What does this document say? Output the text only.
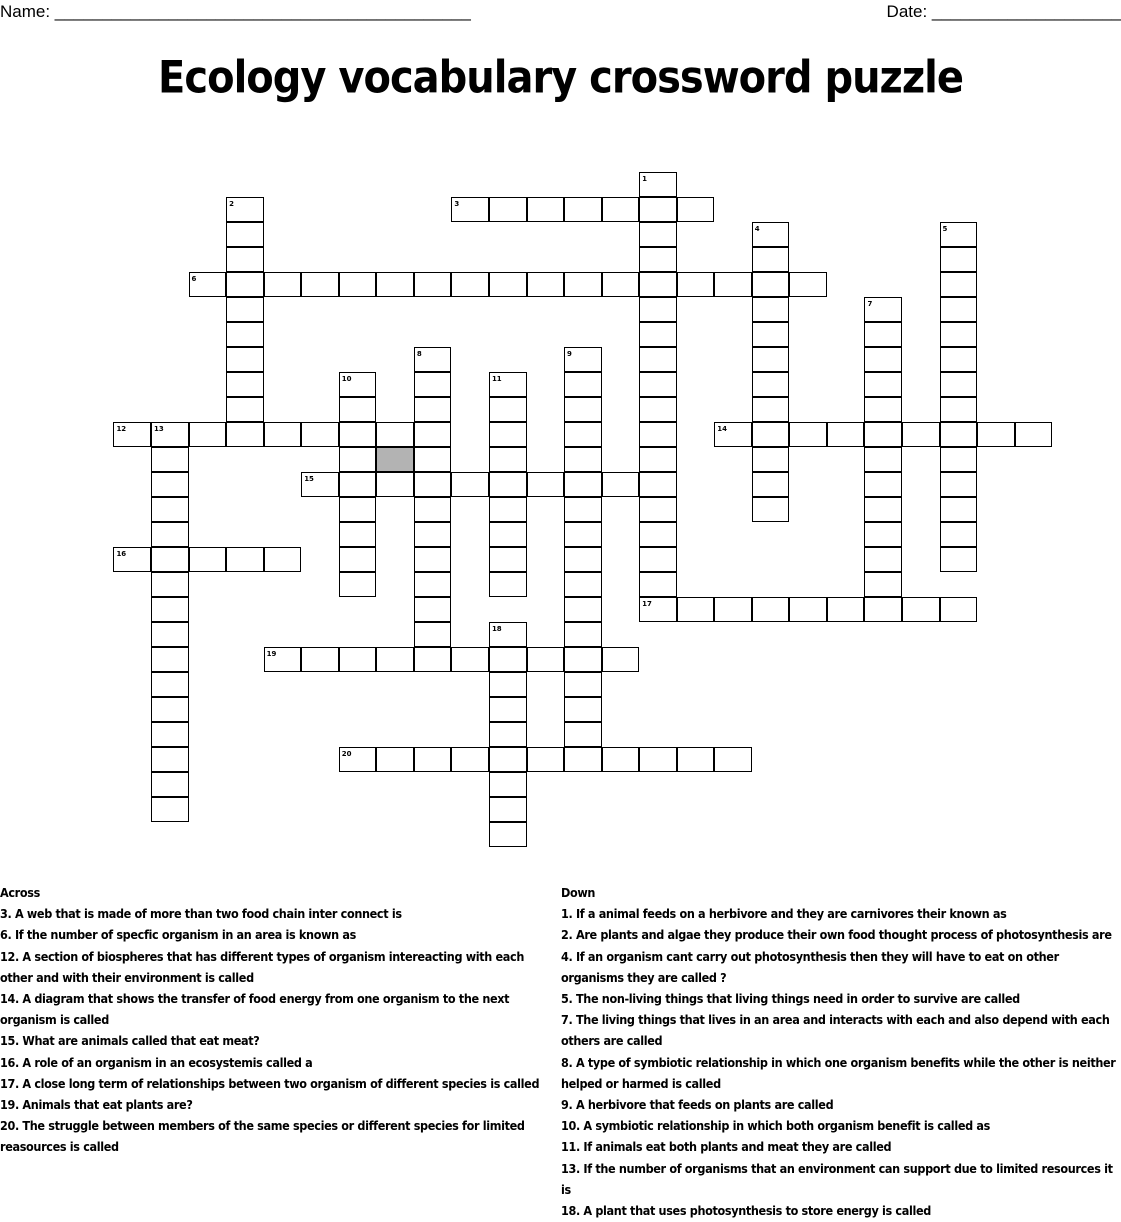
Name: ____________________________________________	Date: ____________________
Ecology vocabulary crossword puzzle
1
2	3
4	5
6
7
8	9
10	11
12	13	14
15
16
17
18
19
20
Across
3. A web that is made of more than two food chain inter connect is
6. If the number of specfic organism in an area is known as
12. A section of biospheres that has different types of organism intereacting with each other and with their environment is called
14. A diagram that shows the transfer of food energy from one organism to the next organism is called
15. What are animals called that eat meat?
16. A role of an organism in an ecosystemis called a
17. A close long term of relationships between two organism of different species is called
19. Animals that eat plants are?
20. The struggle between members of the same species or different species for limited reasources is called
Down
1. If a animal feeds on a herbivore and they are carnivores their known as
2. Are plants and algae they produce their own food thought process of photosynthesis are
4. If an organism cant carry out photosynthesis then they will have to eat on other organisms they are called ?
5. The non-living things that living things need in order to survive are called
7. The living things that lives in an area and interacts with each and also depend with each others are called
8. A type of symbiotic relationship in which one organism benefits while the other is neither helped or harmed is called
9. A herbivore that feeds on plants are called
10. A symbiotic relationship in which both organism benefit is called as
11. If animals eat both plants and meat they are called
13. If the number of organisms that an environment can support due to limited resources it is
18. A plant that uses photosynthesis to store energy is called
